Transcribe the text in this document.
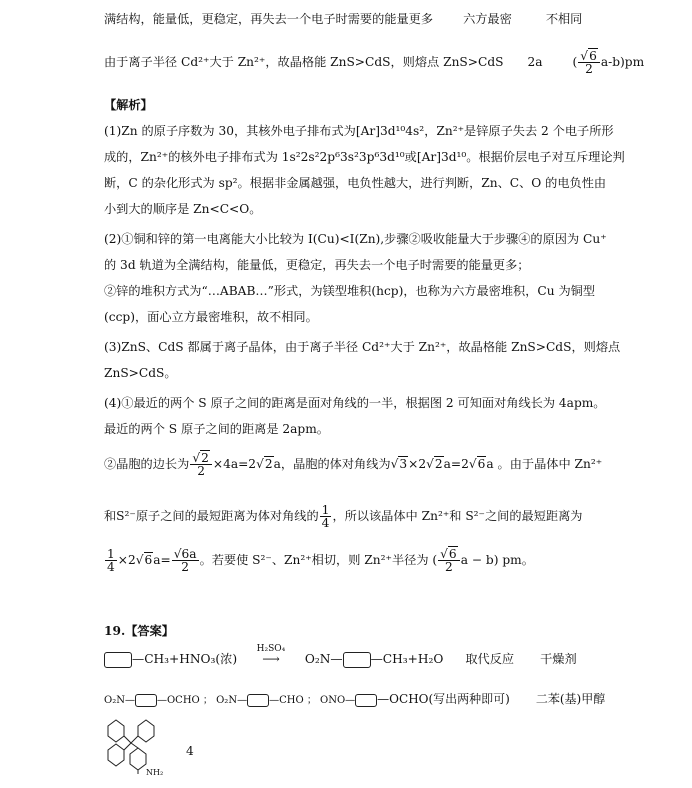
满结构，能量低，更稳定，再失去一个电子时需要的能量更多 六方最密	不相同
由于离子半径 Cd²⁺大于 Zn²⁺，故晶格能 ZnS>CdS，则熔点 ZnS>CdS 2a ( $\frac{√6}{2} a-b)pm$
【解析】
(1)Zn 的原子序数为 30，其核外电子排布式为[Ar]3d¹⁰4s²，Zn²⁺是锌原子失去 2 个电子所形
成的，Zn²⁺的核外电子排布式为 1s²2s²2p⁶3s²3p⁶3d¹⁰或[Ar]3d¹⁰。根据价层电子对互斥理论判
断，C 的杂化形式为 sp²。根据非金属越强，电负性越大，进行判断，Zn、C、O 的电负性由
小到大的顺序是 Zn<C<O。
(2)①铜和锌的第一电离能大小比较为 I(Cu)<I(Zn),步骤②吸收能量大于步骤④的原因为 Cu⁺
的 3d 轨道为全满结构，能量低，更稳定，再失去一个电子时需要的能量更多；
②锌的堆积方式为“…ABAB…”形式，为镁型堆积(hcp)，也称为六方最密堆积，Cu 为铜型
(ccp)，面心立方最密堆积，故不相同。
(3)ZnS、CdS 都属于离子晶体，由于离子半径 Cd²⁺大于 Zn²⁺，故晶格能 ZnS>CdS，则熔点
ZnS>CdS。
(4)①最近的两个 S 原子之间的距离是面对角线的一半，根据图 2 可知面对角线长为 4apm。
最近的两个 S 原子之间的距离是 2apm。
②晶胞的边长为 $\frac{√2}{2} \times 4a=2√2a$，晶胞的体对角线为√3×2√2a=2√6a 。由于晶体中 Zn²⁺
和S²⁻原子之间的最短距离为体对角线的 $\frac{1}{4}$ ，所以该晶体中 Zn²⁺和 S²⁻之间的最短距离为
$\frac{1}{4} \times 2√6a= \frac{√6a}{2}$ 。若要使 S²⁻、Zn²⁺相切，则 Zn²⁺半径为 ( $\frac{√6}{2}$ a − b) pm。
19.【答案】
—CH₃+HNO₃(浓)
H₂SO₄
⟶ O₂N— —CH₃+H₂O 取代反应 干燥剂
O₂N— —OCHO ； O₂N— —CHO ； ONO— —OCHO(写出两种即可) 二苯(基)甲醇
NH₂
4
